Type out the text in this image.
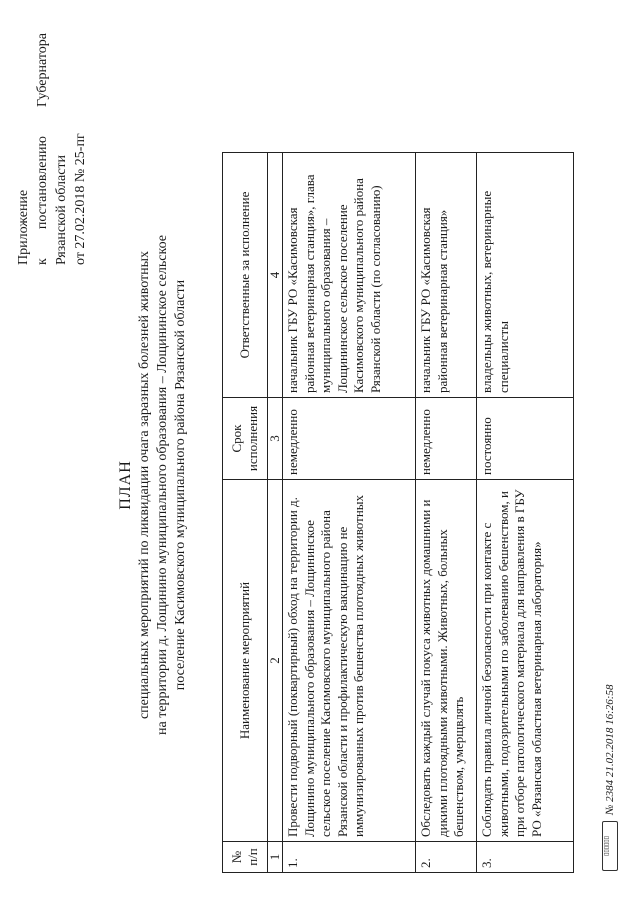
Приложение к
постановлению
Губернатора
Рязанской области от 27.02.2018 № 25-пг
ПЛАН специальных мероприятий по ликвидации очага заразных болезней животных на территории д. Лощинино муниципального образования – Лощининское сельское поселение Касимовского муниципального района Рязанской области
№ п/п	Наименование мероприятий	Срок исполнения	Ответственные за исполнение
1	2	3	4
1.	Провести подворный (поквартирный) обход на территории д. Лощинино муниципального образования – Лощининское сельское поселение Касимовского муниципального района Рязанской области и профилактическую вакцинацию не иммунизированных против бешенства плотоядных животных	немедленно	начальник ГБУ РО «Касимовская районная ветеринарная станция», глава муниципального образования – Лощининское сельское поселение Касимовского муниципального района Рязанской области (по согласованию)
2.	Обследовать каждый случай покуса животных домашними и дикими плотоядными животными. Животных, больных бешенством, умерщвлять	немедленно	начальник ГБУ РО «Касимовская районная ветеринарная станция»
3.	Соблюдать правила личной безопасности при контакте с животными, подозрительными по заболеванию бешенством, и при отборе патологического материала для направления в ГБУ РО «Рязанская областная ветеринарная лаборатория»	постоянно	владельцы животных, ветеринарные специалисты
▯▯▯▯▯▯
№ 2384 21.02.2018 16:26:58
